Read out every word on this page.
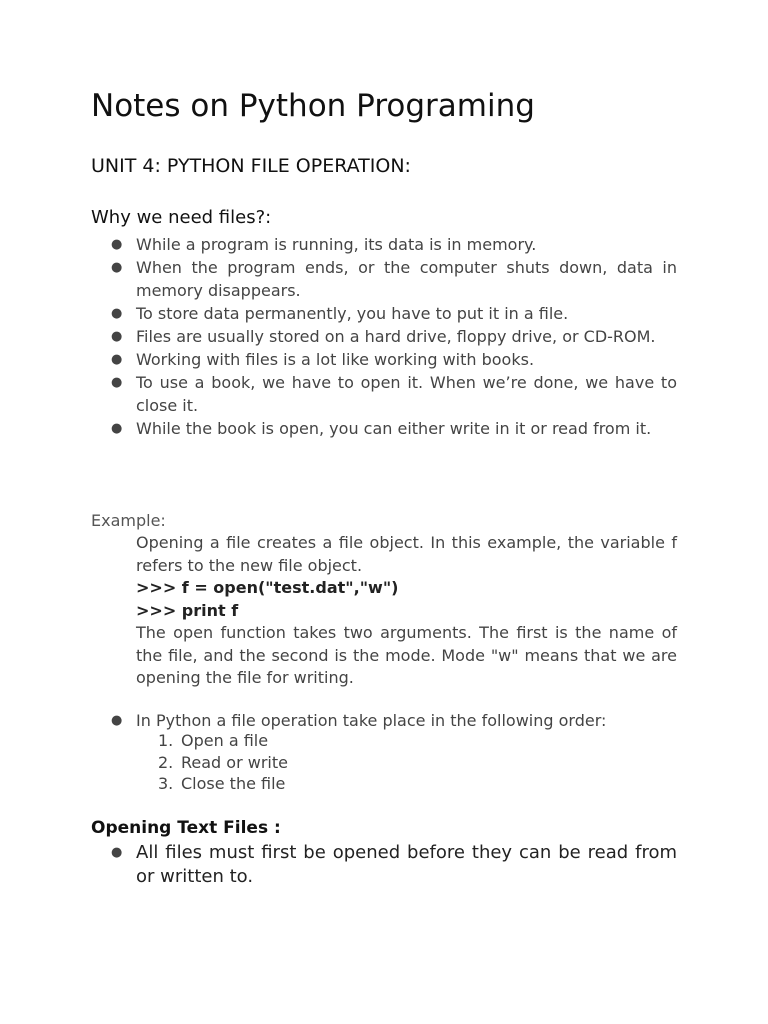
Notes on Python Programing
UNIT 4: PYTHON FILE OPERATION:
Why we need files?:
● While a program is running, its data is in memory.
● When the program ends, or the computer shuts down, data in memory disappears.
● To store data permanently, you have to put it in a file.
● Files are usually stored on a hard drive, floppy drive, or CD-ROM.
● Working with files is a lot like working with books.
● To use a book, we have to open it. When we’re done, we have to close it.
● While the book is open, you can either write in it or read from it.
Example:

Opening a file creates a file object. In this example, the variable f refers to the new file object.

>>> f = open("test.dat","w")

>>> print f

The open function takes two arguments. The first is the name of the file, and the second is the mode. Mode "w" means that we are opening the file for writing.

● In Python a file operation take place in the following order:
1. Open a file
2. Read or write
3. Close the file
Opening Text Files :
● All files must first be opened before they can be read from or written to.
